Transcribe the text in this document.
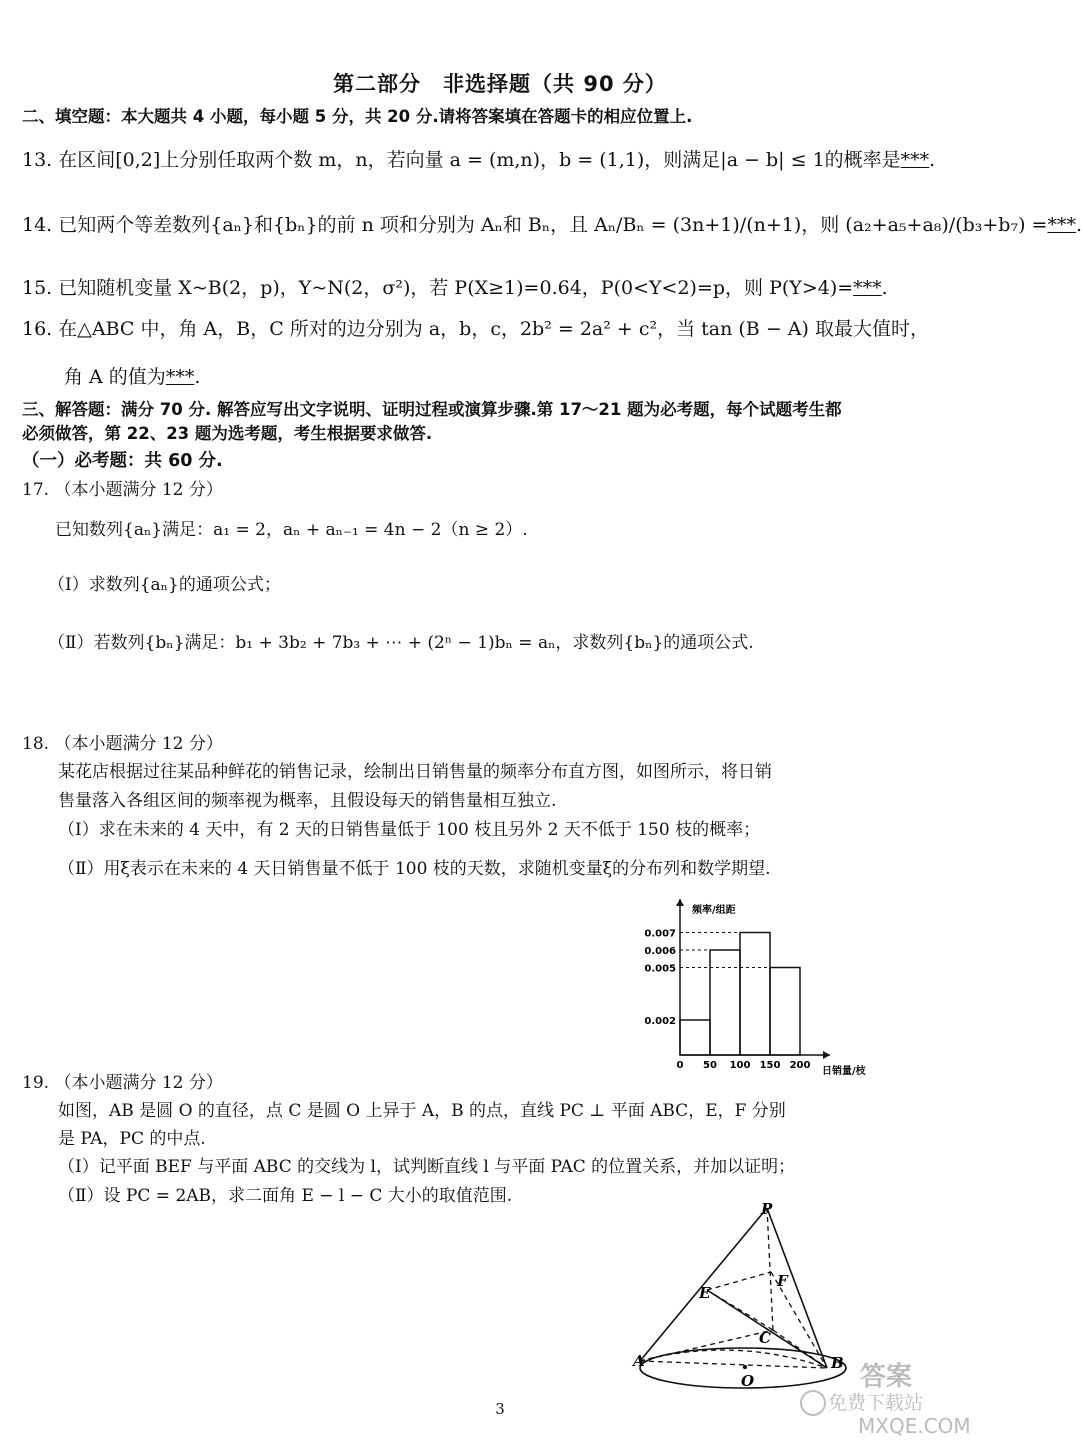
第二部分　非选择题（共 90 分）
二、填空题：本大题共 4 小题，每小题 5 分，共 20 分.请将答案填在答题卡的相应位置上.
13. 在区间[0,2]上分别任取两个数 m，n，若向量 a = (m,n)，b = (1,1)，则满足|a − b| ≤ 1的概率是***.
14. 已知两个等差数列{aₙ}和{bₙ}的前 n 项和分别为 Aₙ和 Bₙ，且 Aₙ/Bₙ = (3n+1)/(n+1)，则 (a₂+a₅+a₈)/(b₃+b₇) =***.
15. 已知随机变量 X~B(2，p)，Y~N(2，σ²)，若 P(X≥1)=0.64，P(0<Y<2)=p，则 P(Y>4)=***.
16. 在△ABC 中，角 A，B，C 所对的边分别为 a，b，c，2b² = 2a² + c²，当 tan (B − A) 取最大值时，
角 A 的值为***.
三、解答题：满分 70 分. 解答应写出文字说明、证明过程或演算步骤.第 17～21 题为必考题，每个试题考生都
必须做答，第 22、23 题为选考题，考生根据要求做答.
（一）必考题：共 60 分.
17. （本小题满分 12 分）
已知数列{aₙ}满足：a₁ = 2，aₙ + aₙ₋₁ = 4n − 2（n ≥ 2）.
（Ⅰ）求数列{aₙ}的通项公式；
（Ⅱ）若数列{bₙ}满足：b₁ + 3b₂ + 7b₃ + ⋯ + (2ⁿ − 1)bₙ = aₙ，求数列{bₙ}的通项公式.
18. （本小题满分 12 分）
某花店根据过往某品种鲜花的销售记录，绘制出日销售量的频率分布直方图，如图所示，将日销
售量落入各组区间的频率视为概率，且假设每天的销售量相互独立.
（Ⅰ）求在未来的 4 天中，有 2 天的日销售量低于 100 枝且另外 2 天不低于 150 枝的概率；
（Ⅱ）用ξ表示在未来的 4 天日销售量不低于 100 枝的天数，求随机变量ξ的分布列和数学期望.
0.002
0.005
0.006
0.007
0 50 100 150 200
频率/组距
日销量/枝
19. （本小题满分 12 分）
如图，AB 是圆 O 的直径，点 C 是圆 O 上异于 A，B 的点，直线 PC ⊥ 平面 ABC，E，F 分别
是 PA，PC 的中点.
（Ⅰ）记平面 BEF 与平面 ABC 的交线为 l，试判断直线 l 与平面 PAC 的位置关系，并加以证明；
（Ⅱ）设 PC = 2AB，求二面角 E − l − C 大小的取值范围.
P
E
F
C
A	B
O
3
答案
免费下载站
MXQE.COM
